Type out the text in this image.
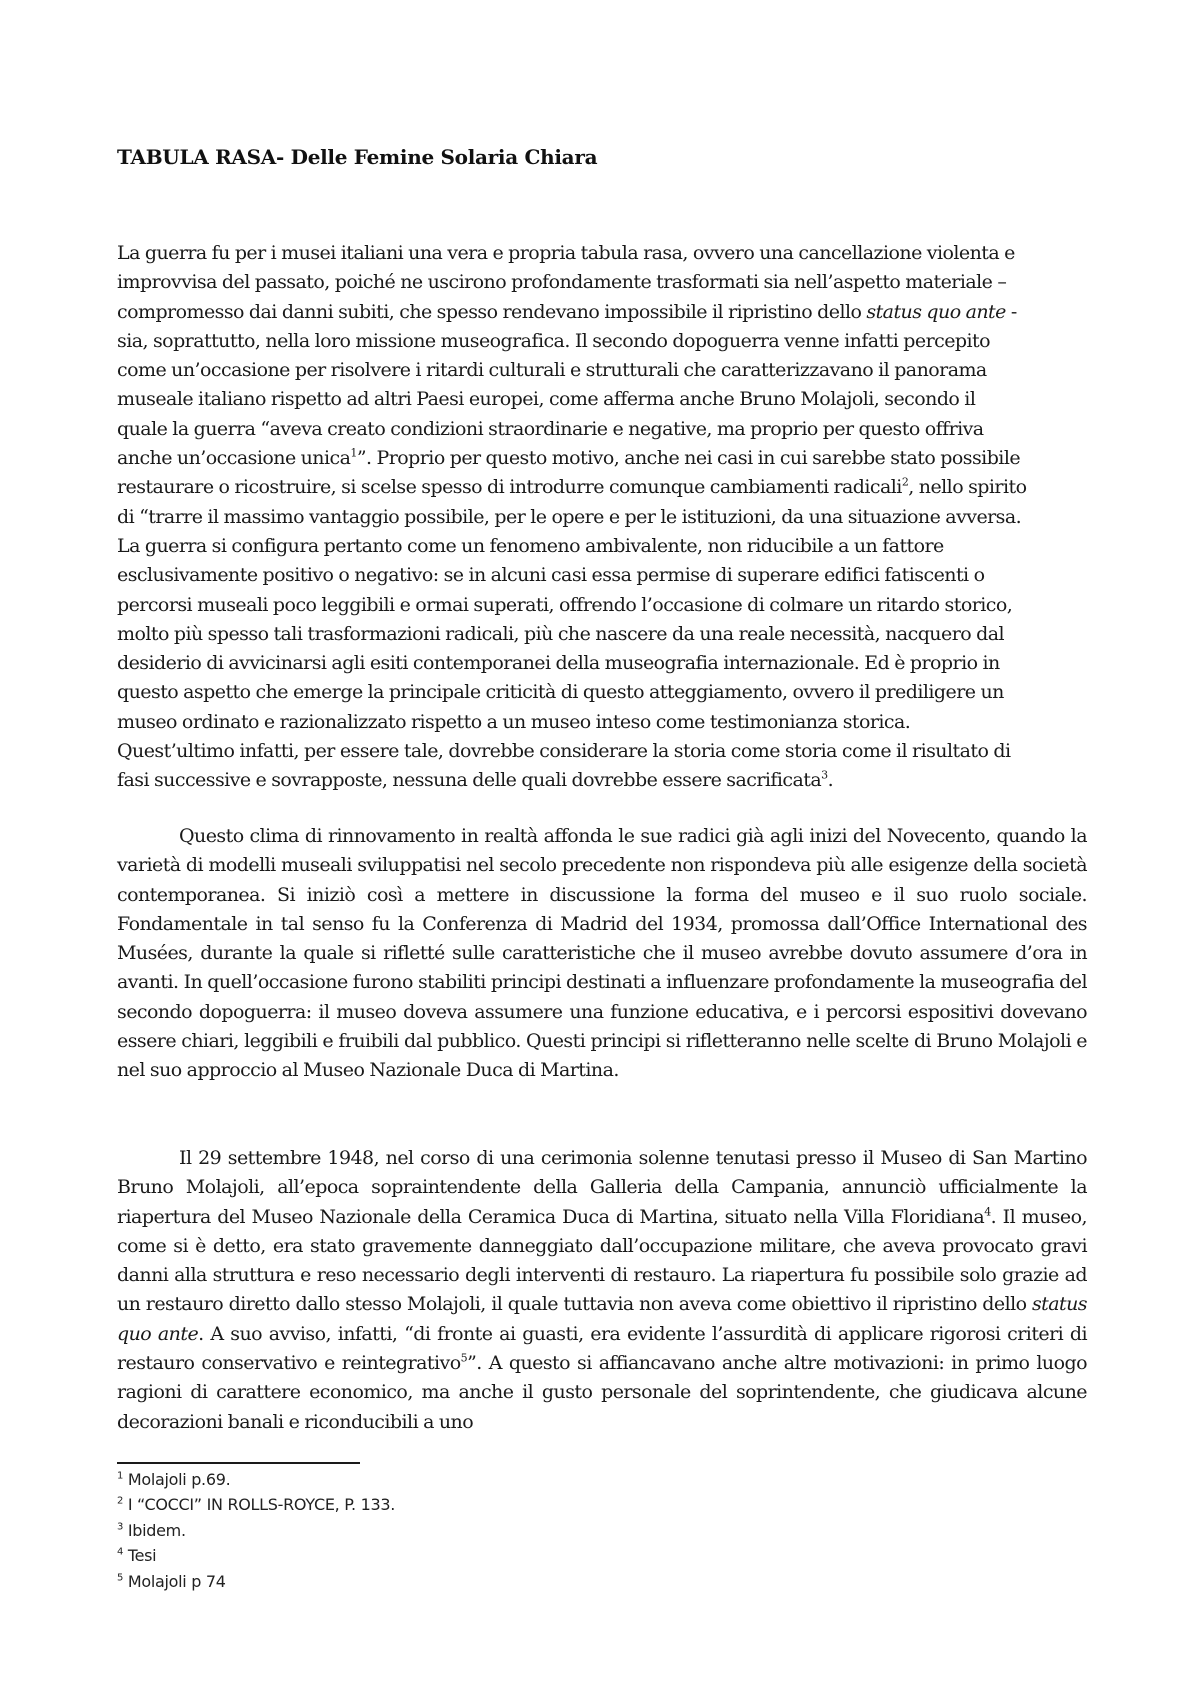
TABULA RASA- Delle Femine Solaria Chiara
La guerra fu per i musei italiani una vera e propria tabula rasa, ovvero una cancellazione violenta e
improvvisa del passato, poiché ne uscirono profondamente trasformati sia nell’aspetto materiale –
compromesso dai danni subiti, che spesso rendevano impossibile il ripristino dello status quo ante -
sia, soprattutto, nella loro missione museografica. Il secondo dopoguerra venne infatti percepito
come un’occasione per risolvere i ritardi culturali e strutturali che caratterizzavano il panorama
museale italiano rispetto ad altri Paesi europei, come afferma anche Bruno Molajoli, secondo il
quale la guerra “aveva creato condizioni straordinarie e negative, ma proprio per questo offriva
anche un’occasione unica$^1$”. Proprio per questo motivo, anche nei casi in cui sarebbe stato possibile
restaurare o ricostruire, si scelse spesso di introdurre comunque cambiamenti radicali$^2$, nello spirito
di “trarre il massimo vantaggio possibile, per le opere e per le istituzioni, da una situazione avversa.
La guerra si configura pertanto come un fenomeno ambivalente, non riducibile a un fattore
esclusivamente positivo o negativo: se in alcuni casi essa permise di superare edifici fatiscenti o
percorsi museali poco leggibili e ormai superati, offrendo l’occasione di colmare un ritardo storico,
molto più spesso tali trasformazioni radicali, più che nascere da una reale necessità, nacquero dal
desiderio di avvicinarsi agli esiti contemporanei della museografia internazionale. Ed è proprio in
questo aspetto che emerge la principale criticità di questo atteggiamento, ovvero il prediligere un
museo ordinato e razionalizzato rispetto a un museo inteso come testimonianza storica.
Quest’ultimo infatti, per essere tale, dovrebbe considerare la storia come storia come il risultato di
fasi successive e sovrapposte, nessuna delle quali dovrebbe essere sacrificata$^3$.
Questo clima di rinnovamento in realtà affonda le sue radici già agli inizi del Novecento, quando la varietà di modelli museali sviluppatisi nel secolo precedente non rispondeva più alle esigenze della società contemporanea. Si iniziò così a mettere in discussione la forma del museo e il suo ruolo sociale. Fondamentale in tal senso fu la Conferenza di Madrid del 1934, promossa dall’Office International des Musées, durante la quale si rifletté sulle caratteristiche che il museo avrebbe dovuto assumere d’ora in avanti. In quell’occasione furono stabiliti principi destinati a influenzare profondamente la museografia del secondo dopoguerra: il museo doveva assumere una funzione educativa, e i percorsi espositivi dovevano essere chiari, leggibili e fruibili dal pubblico. Questi principi si rifletteranno nelle scelte di Bruno Molajoli e nel suo approccio al Museo Nazionale Duca di Martina.
Il 29 settembre 1948, nel corso di una cerimonia solenne tenutasi presso il Museo di San Martino Bruno Molajoli, all’epoca sopraintendente della Galleria della Campania, annunciò ufficialmente la riapertura del Museo Nazionale della Ceramica Duca di Martina, situato nella Villa Floridiana$^4$. Il museo, come si è detto, era stato gravemente danneggiato dall’occupazione militare, che aveva provocato gravi danni alla struttura e reso necessario degli interventi di restauro. La riapertura fu possibile solo grazie ad un restauro diretto dallo stesso Molajoli, il quale tuttavia non aveva come obiettivo il ripristino dello status quo ante. A suo avviso, infatti, “di fronte ai guasti, era evidente l’assurdità di applicare rigorosi criteri di restauro conservativo e reintegrativo$^5$”. A questo si affiancavano anche altre motivazioni: in primo luogo ragioni di carattere economico, ma anche il gusto personale del soprintendente, che giudicava alcune decorazioni banali e riconducibili a uno
$^1$ Molajoli p.69.
$^2$ I “COCCI” IN ROLLS-ROYCE, P. 133.
$^3$ Ibidem.
$^4$ Tesi
$^5$ Molajoli p 74
